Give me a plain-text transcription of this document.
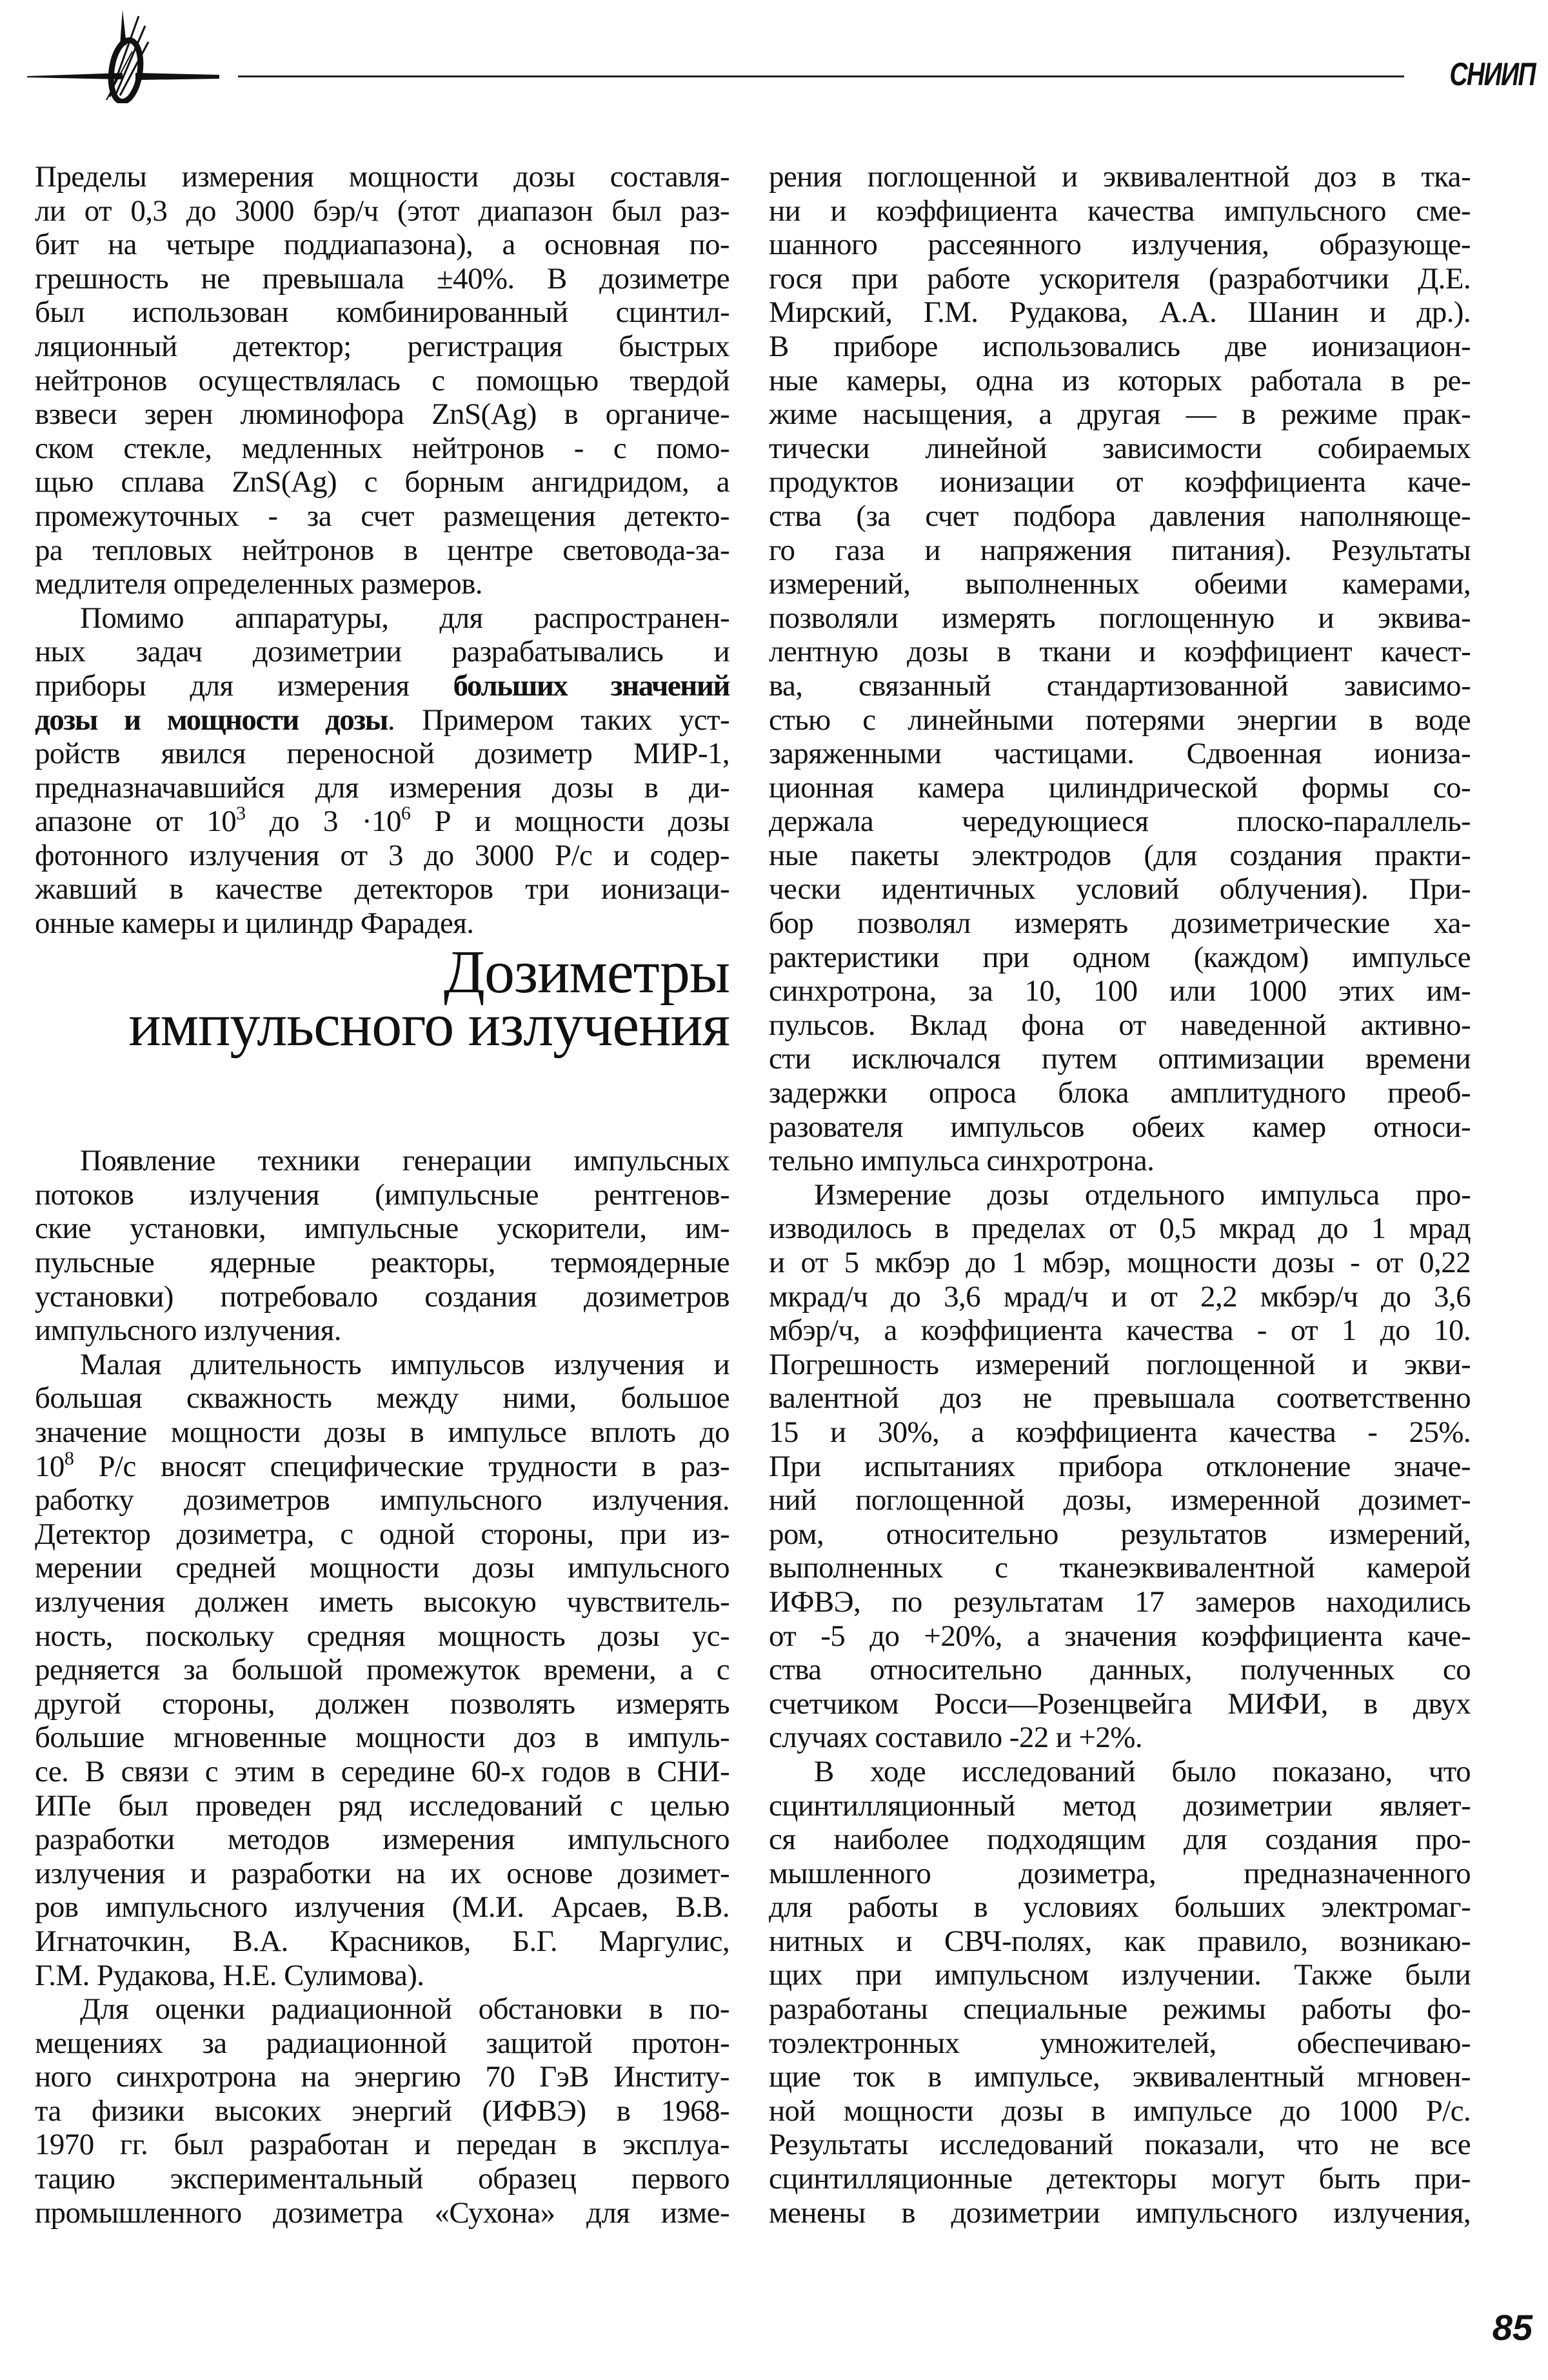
СНИИП
Пределы измерения мощности дозы составля-
ли от 0,3 до 3000 бэр/ч (этот диапазон был раз-
бит на четыре поддиапазона), а основная по-
грешность не превышала ±40%. В дозиметре
был использован комбинированный сцинтил-
ляционный детектор; регистрация быстрых
нейтронов осуществлялась с помощью твердой
взвеси зерен люминофора ZnS(Ag) в органиче-
ском стекле, медленных нейтронов - с помо-
щью сплава ZnS(Ag) с борным ангидридом, а
промежуточных - за счет размещения детекто-
ра тепловых нейтронов в центре световода-за-
медлителя определенных размеров.
Помимо аппаратуры, для распространен-
ных задач дозиметрии разрабатывались и
приборы для измерения больших значений
дозы и мощности дозы. Примером таких уст-
ройств явился переносной дозиметр МИР-1,
предназначавшийся для измерения дозы в ди-
апазоне от $10^3$ до $3 \cdot 10^6$ Р и мощности дозы
фотонного излучения от 3 до 3000 Р/с и содер-
жавший в качестве детекторов три ионизаци-
онные камеры и цилиндр Фарадея.
Дозиметры
импульсного излучения
Появление техники генерации импульсных
потоков излучения (импульсные рентгенов-
ские установки, импульсные ускорители, им-
пульсные ядерные реакторы, термоядерные
установки) потребовало создания дозиметров
импульсного излучения.
Малая длительность импульсов излучения и
большая скважность между ними, большое
значение мощности дозы в импульсе вплоть до
$10^8$ Р/с вносят специфические трудности в раз-
работку дозиметров импульсного излучения.
Детектор дозиметра, с одной стороны, при из-
мерении средней мощности дозы импульсного
излучения должен иметь высокую чувствитель-
ность, поскольку средняя мощность дозы ус-
редняется за большой промежуток времени, а с
другой стороны, должен позволять измерять
большие мгновенные мощности доз в импуль-
се. В связи с этим в середине 60-х годов в СНИ-
ИПе был проведен ряд исследований с целью
разработки методов измерения импульсного
излучения и разработки на их основе дозимет-
ров импульсного излучения (М.И. Арсаев, В.В.
Игнаточкин, В.А. Красников, Б.Г. Маргулис,
Г.М. Рудакова, Н.Е. Сулимова).
Для оценки радиационной обстановки в по-
мещениях за радиационной защитой протон-
ного синхротрона на энергию 70 ГэВ Институ-
та физики высоких энергий (ИФВЭ) в 1968-
1970 гг. был разработан и передан в эксплуа-
тацию экспериментальный образец первого
промышленного дозиметра «Сухона» для изме-
рения поглощенной и эквивалентной доз в тка-
ни и коэффициента качества импульсного сме-
шанного рассеянного излучения, образующе-
гося при работе ускорителя (разработчики Д.Е.
Мирский, Г.М. Рудакова, А.А. Шанин и др.).
В приборе использовались две ионизацион-
ные камеры, одна из которых работала в ре-
жиме насыщения, а другая — в режиме прак-
тически линейной зависимости собираемых
продуктов ионизации от коэффициента каче-
ства (за счет подбора давления наполняюще-
го газа и напряжения питания). Результаты
измерений, выполненных обеими камерами,
позволяли измерять поглощенную и эквива-
лентную дозы в ткани и коэффициент качест-
ва, связанный стандартизованной зависимо-
стью с линейными потерями энергии в воде
заряженными частицами. Сдвоенная иониза-
ционная камера цилиндрической формы со-
держала чередующиеся плоско-параллель-
ные пакеты электродов (для создания практи-
чески идентичных условий облучения). При-
бор позволял измерять дозиметрические ха-
рактеристики при одном (каждом) импульсе
синхротрона, за 10, 100 или 1000 этих им-
пульсов. Вклад фона от наведенной активно-
сти исключался путем оптимизации времени
задержки опроса блока амплитудного преоб-
разователя импульсов обеих камер относи-
тельно импульса синхротрона.
Измерение дозы отдельного импульса про-
изводилось в пределах от 0,5 мкрад до 1 мрад
и от 5 мкбэр до 1 мбэр, мощности дозы - от 0,22
мкрад/ч до 3,6 мрад/ч и от 2,2 мкбэр/ч до 3,6
мбэр/ч, а коэффициента качества - от 1 до 10.
Погрешность измерений поглощенной и экви-
валентной доз не превышала соответственно
15 и 30%, а коэффициента качества - 25%.
При испытаниях прибора отклонение значе-
ний поглощенной дозы, измеренной дозимет-
ром, относительно результатов измерений,
выполненных с тканеэквивалентной камерой
ИФВЭ, по результатам 17 замеров находились
от -5 до +20%, а значения коэффициента каче-
ства относительно данных, полученных со
счетчиком Росси—Розенцвейга МИФИ, в двух
случаях составило -22 и +2%.
В ходе исследований было показано, что
сцинтилляционный метод дозиметрии являет-
ся наиболее подходящим для создания про-
мышленного дозиметра, предназначенного
для работы в условиях больших электромаг-
нитных и СВЧ-полях, как правило, возникаю-
щих при импульсном излучении. Также были
разработаны специальные режимы работы фо-
тоэлектронных умножителей, обеспечиваю-
щие ток в импульсе, эквивалентный мгновен-
ной мощности дозы в импульсе до 1000 Р/с.
Результаты исследований показали, что не все
сцинтилляционные детекторы могут быть при-
менены в дозиметрии импульсного излучения,
85
